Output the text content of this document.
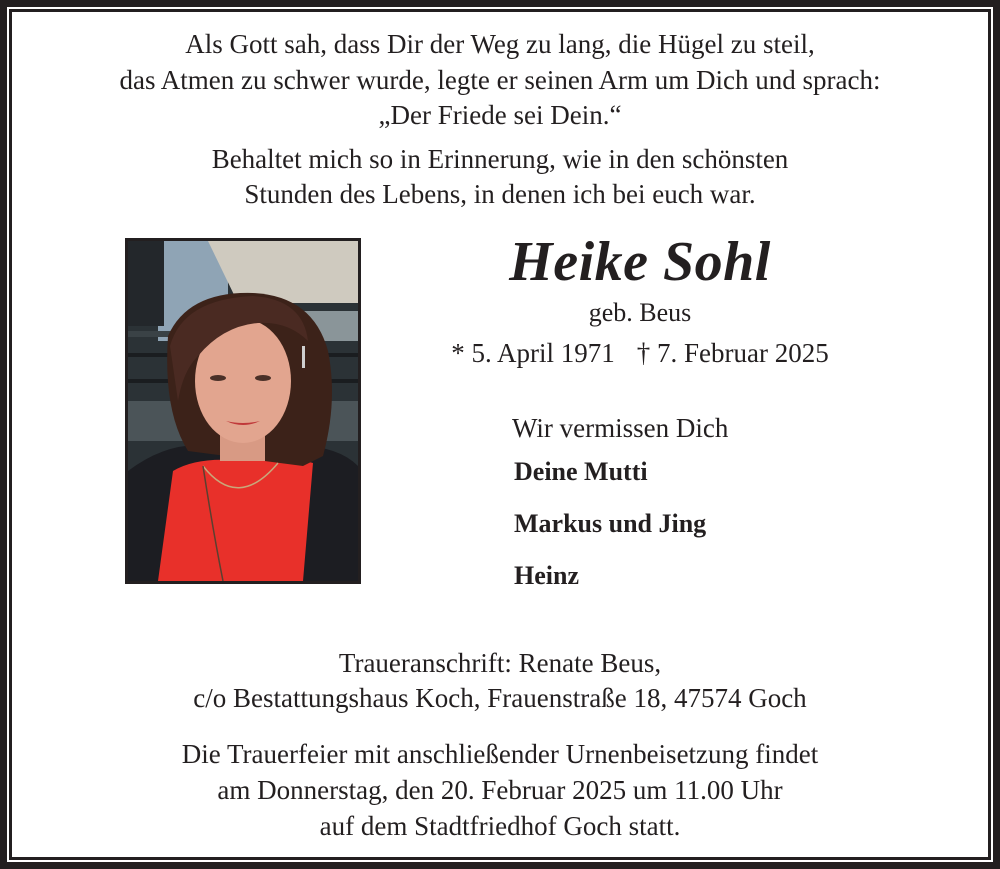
Als Gott sah, dass Dir der Weg zu lang, die Hügel zu steil,
das Atmen zu schwer wurde, legte er seinen Arm um Dich und sprach:
„Der Friede sei Dein.“
Behaltet mich so in Erinnerung, wie in den schönsten
Stunden des Lebens, in denen ich bei euch war.
Heike Sohl
geb. Beus
* 5. April 1971 † 7. Februar 2025
Wir vermissen Dich
Deine Mutti
Markus und Jing
Heinz
Traueranschrift: Renate Beus,
c/o Bestattungshaus Koch, Frauenstraße 18, 47574 Goch
Die Trauerfeier mit anschließender Urnenbeisetzung findet
am Donnerstag, den 20. Februar 2025 um 11.00 Uhr
auf dem Stadtfriedhof Goch statt.
